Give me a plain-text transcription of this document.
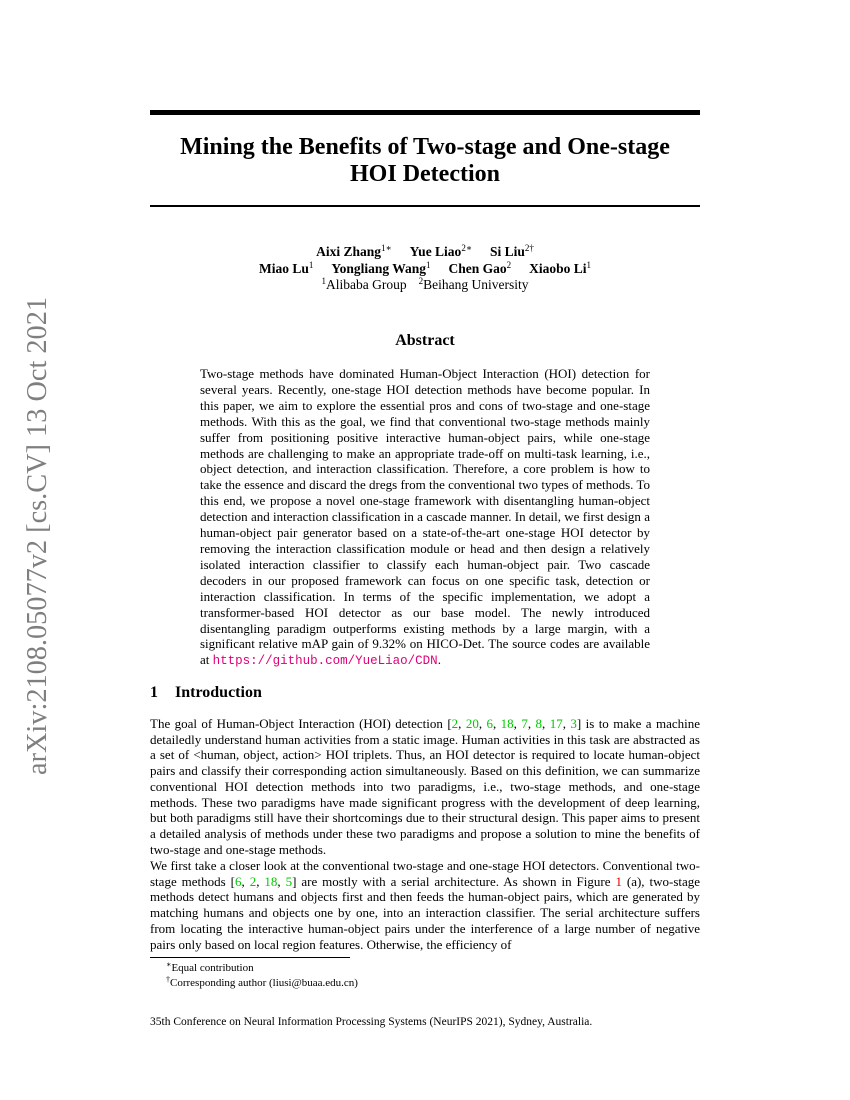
arXiv:2108.05077v2 [cs.CV] 13 Oct 2021
Mining the Benefits of Two-stage and One-stage
HOI Detection
Aixi Zhang$^{1∗}$ Yue Liao$^{2∗}$ Si Liu$^{2\dagger}$
Miao Lu$^1$ Yongliang Wang$^1$ Chen Gao$^2$ Xiaobo Li$^1$
$^1$Alibaba Group $^2$Beihang University
Abstract
Two-stage methods have dominated Human-Object Interaction (HOI) detection for several years. Recently, one-stage HOI detection methods have become popular. In this paper, we aim to explore the essential pros and cons of two-stage and one-stage methods. With this as the goal, we find that conventional two-stage methods mainly suffer from positioning positive interactive human-object pairs, while one-stage methods are challenging to make an appropriate trade-off on multi-task learning, i.e., object detection, and interaction classification. Therefore, a core problem is how to take the essence and discard the dregs from the conventional two types of methods. To this end, we propose a novel one-stage framework with disentangling human-object detection and interaction classification in a cascade manner. In detail, we first design a human-object pair generator based on a state-of-the-art one-stage HOI detector by removing the interaction classification module or head and then design a relatively isolated interaction classifier to classify each human-object pair. Two cascade decoders in our proposed framework can focus on one specific task, detection or interaction classification. In terms of the specific implementation, we adopt a transformer-based HOI detector as our base model. The newly introduced disentangling paradigm outperforms existing methods by a large margin, with a significant relative mAP gain of 9.32% on HICO-Det. The source codes are available at https://github.com/YueLiao/CDN.
1 Introduction
The goal of Human-Object Interaction (HOI) detection [2, 20, 6, 18, 7, 8, 17, 3] is to make a machine detailedly understand human activities from a static image. Human activities in this task are abstracted as a set of <human, object, action> HOI triplets. Thus, an HOI detector is required to locate human-object pairs and classify their corresponding action simultaneously. Based on this definition, we can summarize conventional HOI detection methods into two paradigms, i.e., two-stage methods, and one-stage methods. These two paradigms have made significant progress with the development of deep learning, but both paradigms still have their shortcomings due to their structural design. This paper aims to present a detailed analysis of methods under these two paradigms and propose a solution to mine the benefits of two-stage and one-stage methods.
We first take a closer look at the conventional two-stage and one-stage HOI detectors. Conventional two-stage methods [6, 2, 18, 5] are mostly with a serial architecture. As shown in Figure 1 (a), two-stage methods detect humans and objects first and then feeds the human-object pairs, which are generated by matching humans and objects one by one, into an interaction classifier. The serial architecture suffers from locating the interactive human-object pairs under the interference of a large number of negative pairs only based on local region features. Otherwise, the efficiency of
∗Equal contribution
†Corresponding author (liusi@buaa.edu.cn)
35th Conference on Neural Information Processing Systems (NeurIPS 2021), Sydney, Australia.
